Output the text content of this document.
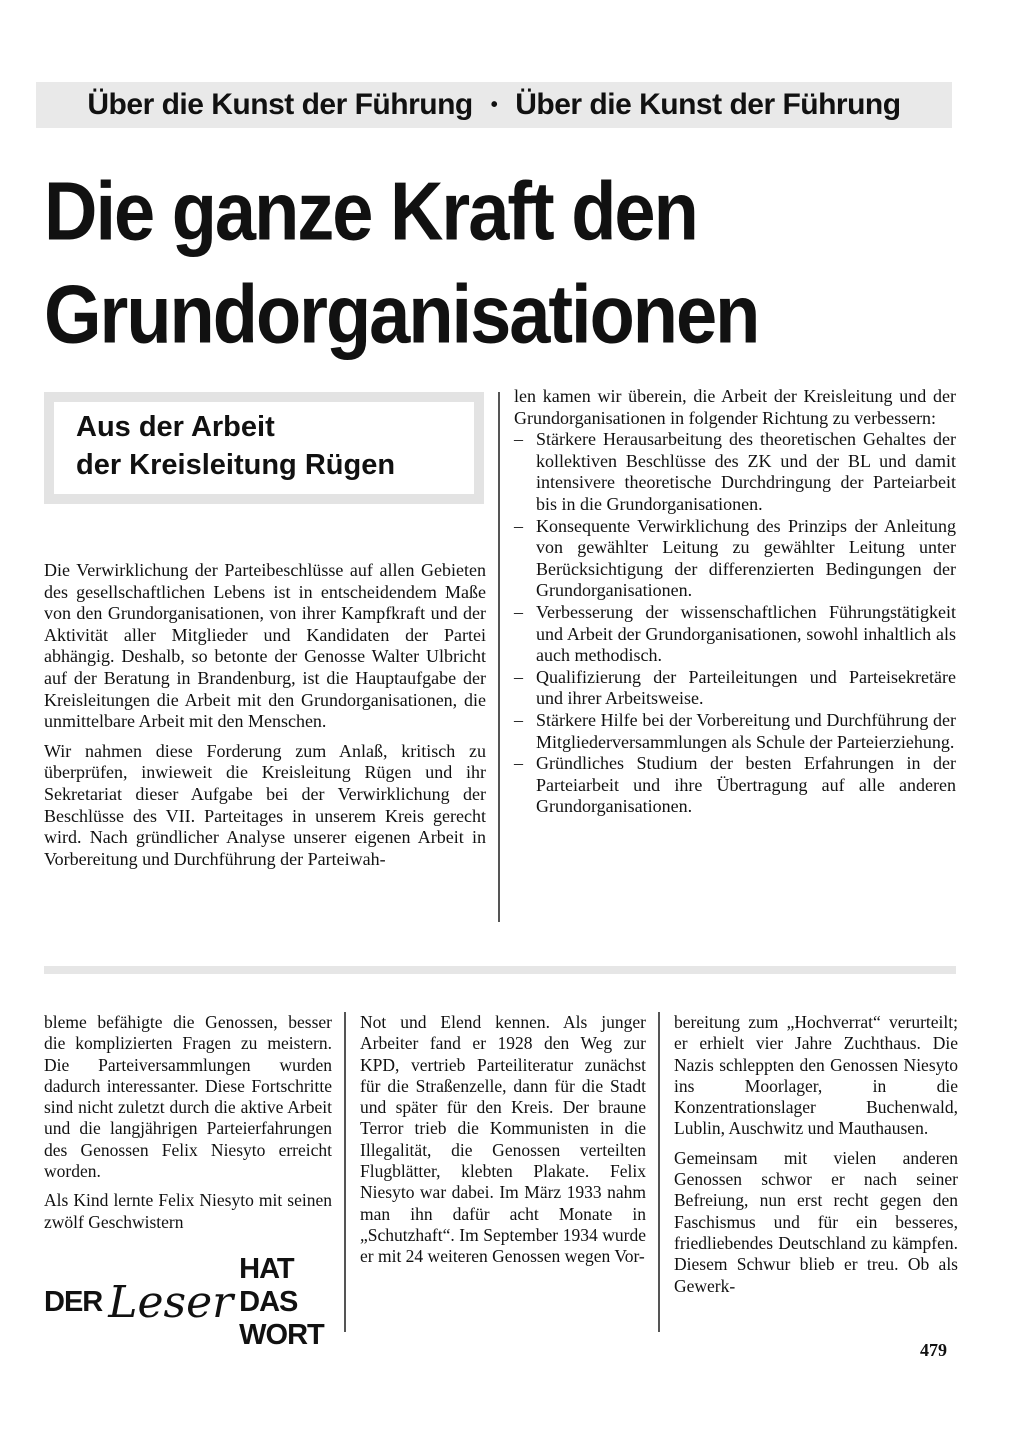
Über die Kunst der Führung • Über die Kunst der Führung
Die ganze Kraft den Grundorganisationen
Aus der Arbeit
der Kreisleitung Rügen

Die Verwirklichung der Parteibeschlüsse auf allen Gebieten des gesellschaftlichen Lebens ist in entscheidendem Maße von den Grundorganisationen, von ihrer Kampfkraft und der Aktivität aller Mitglieder und Kandidaten der Partei abhängig. Deshalb, so betonte der Genosse Walter Ulbricht auf der Beratung in Brandenburg, ist die Hauptaufgabe der Kreisleitungen die Arbeit mit den Grundorganisationen, die unmittelbare Arbeit mit den Menschen.

Wir nahmen diese Forderung zum Anlaß, kritisch zu überprüfen, inwieweit die Kreisleitung Rügen und ihr Sekretariat dieser Aufgabe bei der Verwirklichung der Beschlüsse des VII. Parteitages in unserem Kreis gerecht wird. Nach gründlicher Analyse unserer eigenen Arbeit in Vorbereitung und Durchführung der Parteiwah-

len kamen wir überein, die Arbeit der Kreisleitung und der Grundorganisationen in folgender Richtung zu verbessern:

– Stärkere Herausarbeitung des theoretischen Gehaltes der kollektiven Beschlüsse des ZK und der BL und damit intensivere theoretische Durchdringung der Parteiarbeit bis in die Grundorganisationen.
– Konsequente Verwirklichung des Prinzips der Anleitung von gewählter Leitung zu gewählter Leitung unter Berücksichtigung der differenzierten Bedingungen der Grundorganisationen.
– Verbesserung der wissenschaftlichen Führungstätigkeit und Arbeit der Grundorganisationen, sowohl inhaltlich als auch methodisch.
– Qualifizierung der Parteileitungen und Parteisekretäre und ihrer Arbeitsweise.
– Stärkere Hilfe bei der Vorbereitung und Durchführung der Mitgliederversammlungen als Schule der Parteierziehung.
– Gründliches Studium der besten Erfahrungen in der Parteiarbeit und ihre Übertragung auf alle anderen Grundorganisationen.

bleme befähigte die Genossen, besser die komplizierten Fragen zu meistern. Die Parteiversammlungen wurden dadurch interessanter. Diese Fortschritte sind nicht zuletzt durch die aktive Arbeit und die langjährigen Parteierfahrungen des Genossen Felix Niesyto erreicht worden.

Als Kind lernte Felix Niesyto mit seinen zwölf Geschwistern

Not und Elend kennen. Als junger Arbeiter fand er 1928 den Weg zur KPD, vertrieb Parteiliteratur zunächst für die Straßenzelle, dann für die Stadt und später für den Kreis. Der braune Terror trieb die Kommunisten in die Illegalität, die Genossen verteilten Flugblätter, klebten Plakate. Felix Niesyto war dabei. Im März 1933 nahm man ihn dafür acht Monate in „Schutzhaft“. Im September 1934 wurde er mit 24 weiteren Genossen wegen Vor-

bereitung zum „Hochverrat“ verurteilt; er erhielt vier Jahre Zuchthaus. Die Nazis schleppten den Genossen Niesyto ins Moorlager, in die Konzentrationslager Buchenwald, Lublin, Auschwitz und Mauthausen.

Gemeinsam mit vielen anderen Genossen schwor er nach seiner Befreiung, nun erst recht gegen den Faschismus und für ein besseres, friedliebendes Deutschland zu kämpfen. Diesem Schwur blieb er treu. Ob als Gewerk-

DER Leser
HAT DAS WORT	479
